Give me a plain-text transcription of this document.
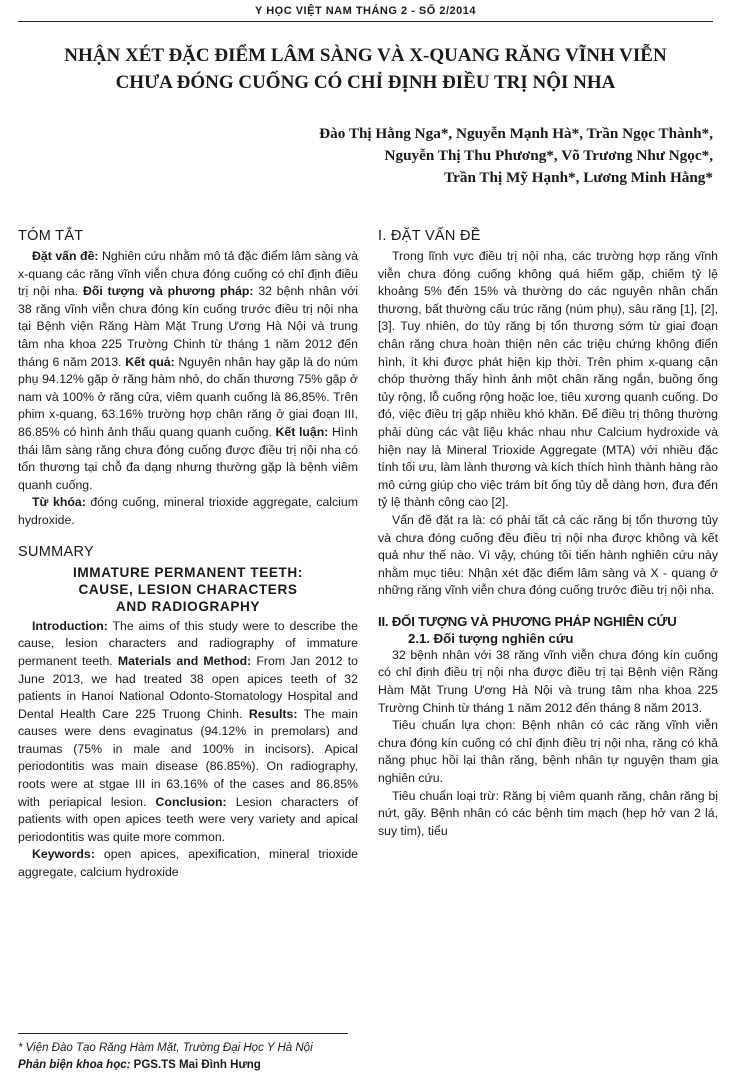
Y HỌC VIỆT NAM THÁNG 2 - SỐ 2/2014
NHẬN XÉT ĐẶC ĐIỂM LÂM SÀNG VÀ X-QUANG RĂNG VĨNH VIỄN
CHƯA ĐÓNG CUỐNG CÓ CHỈ ĐỊNH ĐIỀU TRỊ NỘI NHA
Đào Thị Hằng Nga*, Nguyễn Mạnh Hà*, Trần Ngọc Thành*,
Nguyễn Thị Thu Phương*, Võ Trương Như Ngọc*,
Trần Thị Mỹ Hạnh*, Lương Minh Hằng*
TÓM TẮT

Đặt vấn đề: Nghiên cứu nhằm mô tả đặc điểm lâm sàng và x-quang các răng vĩnh viễn chưa đóng cuống có chỉ định điều trị nội nha. Đối tượng và phương pháp: 32 bệnh nhân với 38 răng vĩnh viễn chưa đóng kín cuống trước điều trị nội nha tại Bệnh viện Răng Hàm Mặt Trung Ương Hà Nội và trung tâm nha khoa 225 Trường Chinh từ tháng 1 năm 2012 đến tháng 6 năm 2013. Kết quả: Nguyên nhân hay gặp là do núm phụ 94.12% gặp ở răng hàm nhỏ, do chấn thương 75% gặp ở nam và 100% ở răng cửa, viêm quanh cuống là 86,85%. Trên phim x-quang, 63.16% trường hợp chân răng ở giai đoạn III, 86.85% có hình ảnh thấu quang quanh cuống. Kết luận: Hình thái lâm sàng răng chưa đóng cuống được điều trị nội nha có tổn thương tại chỗ đa dạng nhưng thường gặp là bệnh viêm quanh cuống.

Từ khóa: đóng cuống, mineral trioxide aggregate, calcium hydroxide.

SUMMARY
IMMATURE PERMANENT TEETH:
CAUSE, LESION CHARACTERS
AND RADIOGRAPHY

Introduction: The aims of this study were to describe the cause, lesion characters and radiography of immature permanent teeth. Materials and Method: From Jan 2012 to June 2013, we had treated 38 open apices teeth of 32 patients in Hanoi National Odonto-Stomatology Hospital and Dental Health Care 225 Truong Chinh. Results: The main causes were dens evaginatus (94.12% in premolars) and traumas (75% in male and 100% in incisors). Apical periodontitis was main disease (86.85%). On radiography, roots were at stgae III in 63.16% of the cases and 86.85% with periapical lesion. Conclusion: Lesion characters of patients with open apices teeth were very variety and apical periodontitis was quite more common.

Keywords: open apices, apexification, mineral trioxide aggregate, calcium hydroxide

* Viện Đào Tạo Răng Hàm Mặt, Trường Đại Học Y Hà Nội
Phản biện khoa học: PGS.TS Mai Đình Hưng
I. ĐẶT VẤN ĐỀ

Trong lĩnh vực điều trị nội nha, các trường hợp răng vĩnh viễn chưa đóng cuống không quá hiếm gặp, chiếm tỷ lệ khoảng 5% đến 15% và thường do các nguyên nhân chấn thương, bất thường cấu trúc răng (núm phụ), sâu răng [1], [2], [3]. Tuy nhiên, do tủy răng bị tổn thương sớm từ giai đoạn chân răng chưa hoàn thiện nên các triệu chứng không điển hình, ít khi được phát hiện kịp thời. Trên phim x-quang cận chóp thường thấy hình ảnh một chân răng ngắn, buồng ống tủy rộng, lỗ cuống rộng hoặc loe, tiêu xương quanh cuống. Do đó, việc điều trị gặp nhiều khó khăn. Để điều trị thông thường phải dùng các vật liệu khác nhau như Calcium hydroxide và hiện nay là Mineral Trioxide Aggregate (MTA) với nhiều đặc tính tối ưu, làm lành thương và kích thích hình thành hàng rào mô cứng giúp cho việc trám bít ống tủy dễ dàng hơn, đưa đến tỷ lệ thành công cao [2].

Vấn đề đặt ra là: có phải tất cả các răng bị tổn thương tủy và chưa đóng cuống đều điều trị nội nha được không và kết quả như thế nào. Vì vậy, chúng tôi tiến hành nghiên cứu này nhằm mục tiêu: Nhận xét đặc điểm lâm sàng và X - quang ở những răng vĩnh viễn chưa đóng cuống trước điều trị nội nha.

II. ĐỐI TƯỢNG VÀ PHƯƠNG PHÁP NGHIÊN CỨU
2.1. Đối tượng nghiên cứu

32 bệnh nhân với 38 răng vĩnh viễn chưa đóng kín cuống có chỉ định điều trị nội nha được điều trị tại Bệnh viện Răng Hàm Mặt Trung Ương Hà Nội và trung tâm nha khoa 225 Trường Chinh từ tháng 1 năm 2012 đến tháng 8 năm 2013.

Tiêu chuẩn lựa chọn: Bệnh nhân có các răng vĩnh viễn chưa đóng kín cuống có chỉ định điều trị nội nha, răng có khả năng phục hồi lại thân răng, bệnh nhân tự nguyện tham gia nghiên cứu.

Tiêu chuẩn loại trừ: Răng bị viêm quanh răng, chân răng bị nứt, gãy. Bệnh nhân có các bệnh tim mạch (hẹp hở van 2 lá, suy tim), tiểu
